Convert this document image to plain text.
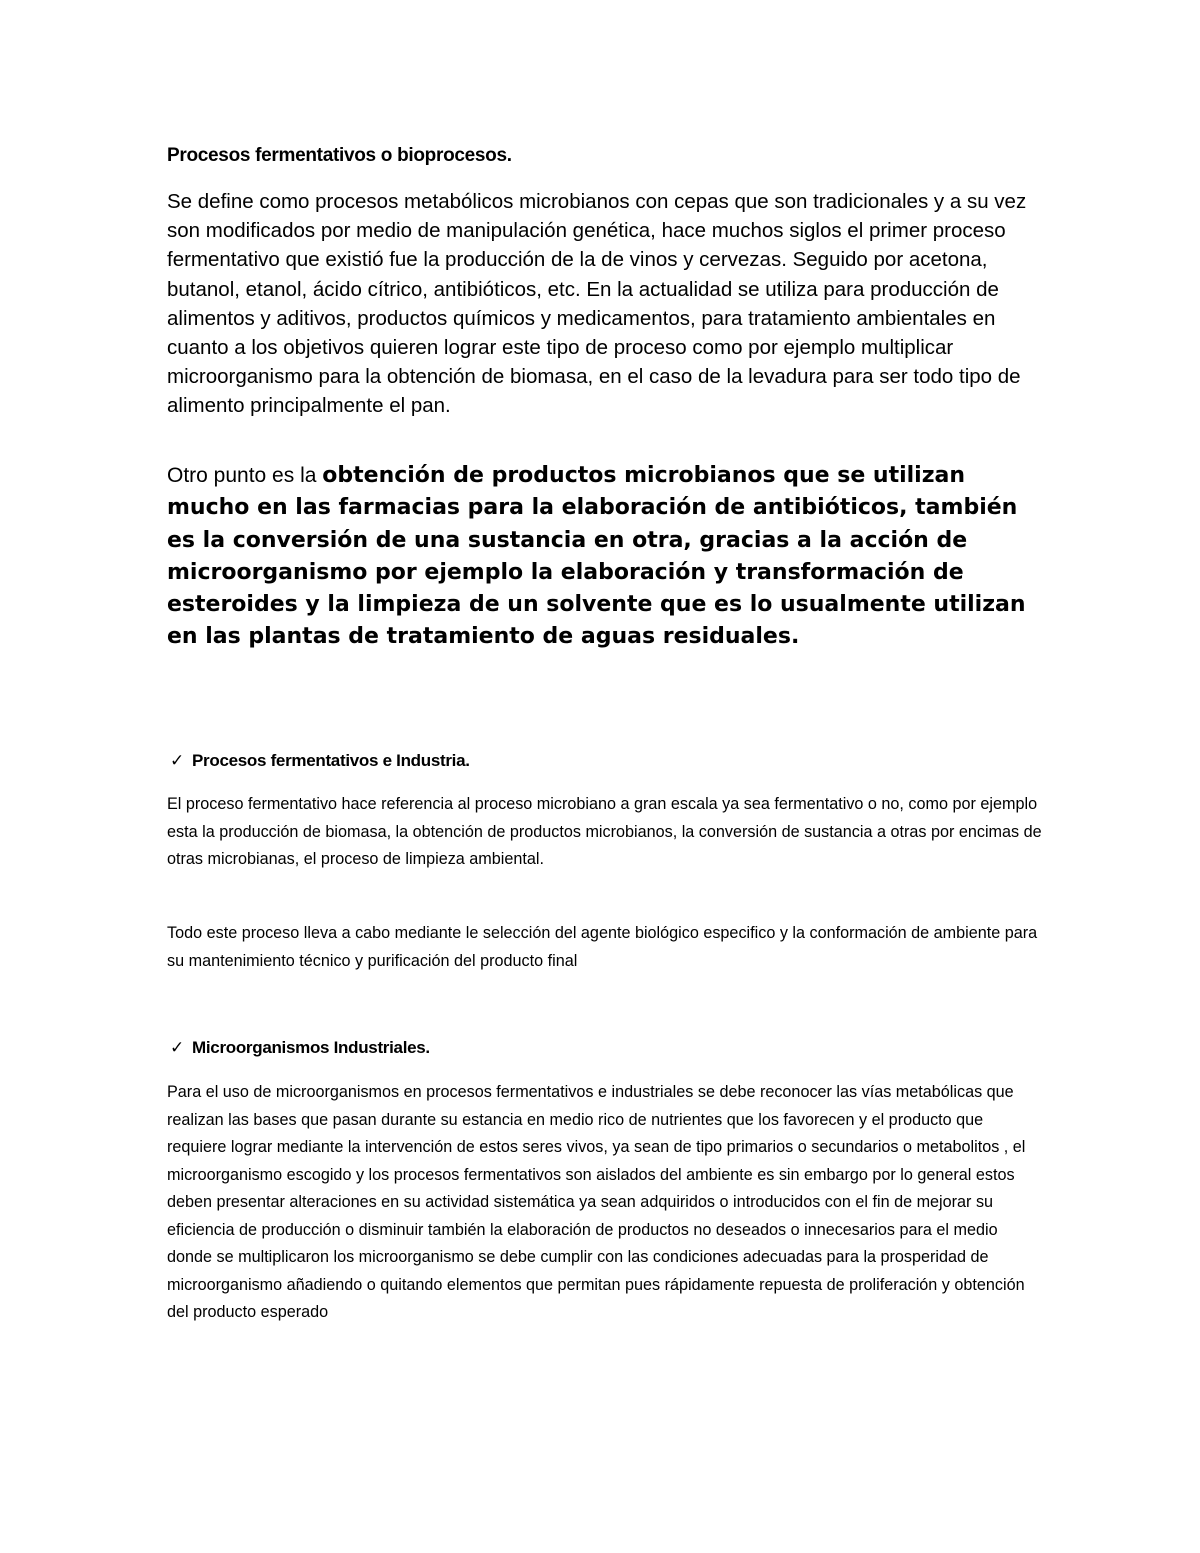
Procesos fermentativos o bioprocesos.

Se define como procesos metabólicos microbianos con cepas que son tradicionales y a su vez son modificados por medio de manipulación genética, hace muchos siglos el primer proceso fermentativo que existió fue la producción de la de vinos y cervezas. Seguido por acetona, butanol, etanol, ácido cítrico, antibióticos, etc. En la actualidad se utiliza para producción de alimentos y aditivos, productos químicos y medicamentos, para tratamiento ambientales en cuanto a los objetivos quieren lograr este tipo de proceso como por ejemplo multiplicar microorganismo para la obtención de biomasa, en el caso de la levadura para ser todo tipo de alimento principalmente el pan.

Otro punto es la obtención de productos microbianos que se utilizan mucho en las farmacias para la elaboración de antibióticos, también es la conversión de una sustancia en otra, gracias a la acción de microorganismo por ejemplo la elaboración y transformación de esteroides y la limpieza de un solvente que es lo usualmente utilizan en las plantas de tratamiento de aguas residuales.

✓ Procesos fermentativos e Industria.

El proceso fermentativo hace referencia al proceso microbiano a gran escala ya sea fermentativo o no, como por ejemplo esta la producción de biomasa, la obtención de productos microbianos, la conversión de sustancia a otras por encimas de otras microbianas, el proceso de limpieza ambiental.

Todo este proceso lleva a cabo mediante le selección del agente biológico especifico y la conformación de ambiente para su mantenimiento técnico y purificación del producto final

✓ Microorganismos Industriales.

Para el uso de microorganismos en procesos fermentativos e industriales se debe reconocer las vías metabólicas que realizan las bases que pasan durante su estancia en medio rico de nutrientes que los favorecen y el producto que requiere lograr mediante la intervención de estos seres vivos, ya sean de tipo primarios o secundarios o metabolitos , el microorganismo escogido y los procesos fermentativos son aislados del ambiente es sin embargo por lo general estos deben presentar alteraciones en su actividad sistemática ya sean adquiridos o introducidos con el fin de mejorar su eficiencia de producción o disminuir también la elaboración de productos no deseados o innecesarios para el medio donde se multiplicaron los microorganismo se debe cumplir con las condiciones adecuadas para la prosperidad de microorganismo añadiendo o quitando elementos que permitan pues rápidamente repuesta de proliferación y obtención del producto esperado
